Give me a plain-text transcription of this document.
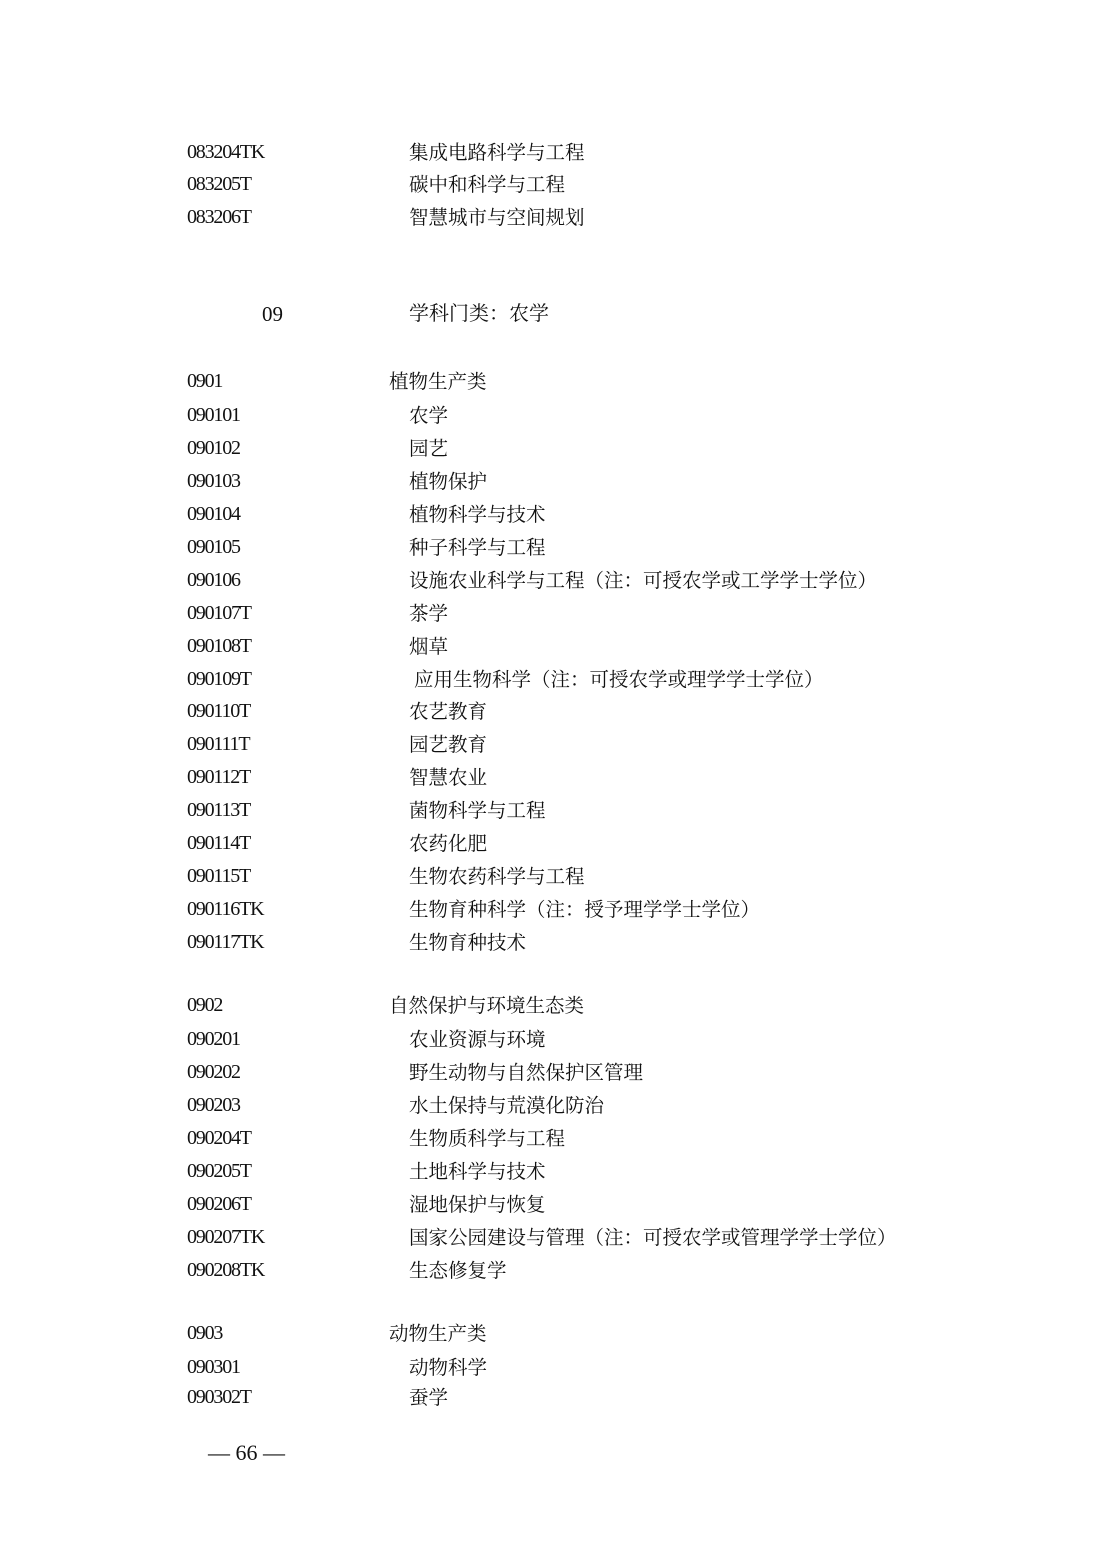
083204TK	集成电路科学与工程
083205T	碳中和科学与工程
083206T	智慧城市与空间规划
09	学科门类：农学
0901	植物生产类
090101	农学
090102	园艺
090103	植物保护
090104	植物科学与技术
090105	种子科学与工程
090106	设施农业科学与工程（注：可授农学或工学学士学位）
090107T	茶学
090108T	烟草
090109T	应用生物科学（注：可授农学或理学学士学位）
090110T	农艺教育
090111T	园艺教育
090112T	智慧农业
090113T	菌物科学与工程
090114T	农药化肥
090115T	生物农药科学与工程
090116TK	生物育种科学（注：授予理学学士学位）
090117TK	生物育种技术
0902	自然保护与环境生态类
090201	农业资源与环境
090202	野生动物与自然保护区管理
090203	水土保持与荒漠化防治
090204T	生物质科学与工程
090205T	土地科学与技术
090206T	湿地保护与恢复
090207TK	国家公园建设与管理（注：可授农学或管理学学士学位）
090208TK	生态修复学
0903	动物生产类
090301	动物科学
090302T	蚕学
— 66 —
